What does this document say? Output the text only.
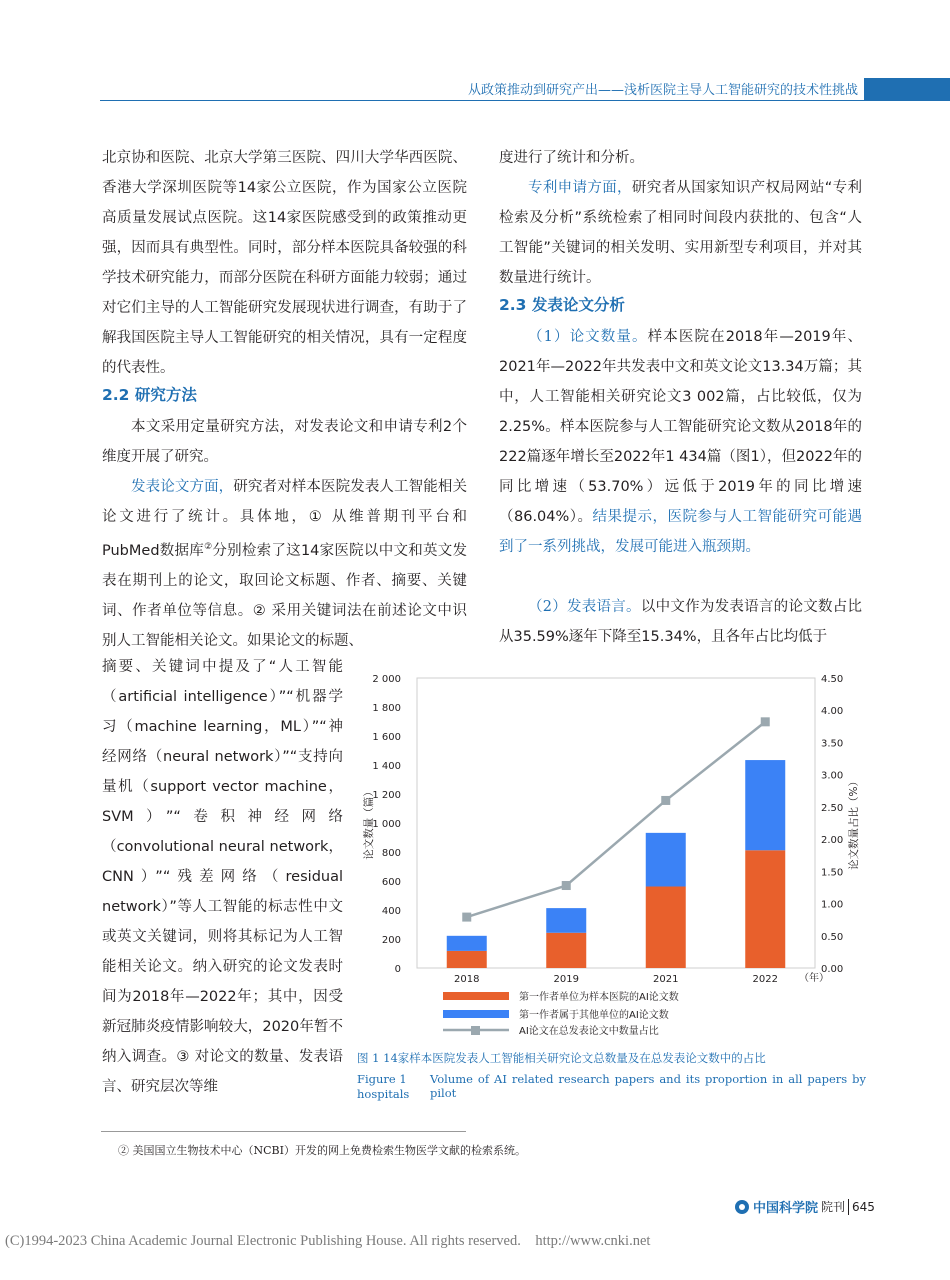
从政策推动到研究产出——浅析医院主导人工智能研究的技术性挑战

北京协和医院、北京大学第三医院、四川大学华西医院、香港大学深圳医院等14家公立医院，作为国家公立医院高质量发展试点医院。这14家医院感受到的政策推动更强，因而具有典型性。同时，部分样本医院具备较强的科学技术研究能力，而部分医院在科研方面能力较弱；通过对它们主导的人工智能研究发展现状进行调查，有助于了解我国医院主导人工智能研究的相关情况，具有一定程度的代表性。

2.2 研究方法

本文采用定量研究方法，对发表论文和申请专利2个维度开展了研究。

发表论文方面，研究者对样本医院发表人工智能相关论文进行了统计。具体地，① 从维普期刊平台和PubMed数据库②分别检索了这14家医院以中文和英文发表在期刊上的论文，取回论文标题、作者、摘要、关键词、作者单位等信息。② 采用关键词法在前述论文中识别人工智能相关论文。如果论文的标题、

摘要、关键词中提及了“人工智能（artificial intelligence）”“机器学习（machine learning，ML）”“神经网络（neural network）”“支持向量机（support vector machine，SVM）”“卷积神经网络（convolutional neural network，CNN）”“残差网络（residual network）”等人工智能的标志性中文或英文关键词，则将其标记为人工智能相关论文。纳入研究的论文发表时间为2018年—2022年；其中，因受新冠肺炎疫情影响较大，2020年暂不纳入调查。③ 对论文的数量、发表语言、研究层次等维

度进行了统计和分析。

专利申请方面，研究者从国家知识产权局网站“专利检索及分析”系统检索了相同时间段内获批的、包含“人工智能”关键词的相关发明、实用新型专利项目，并对其数量进行统计。

2.3 发表论文分析

（1）论文数量。样本医院在2018年—2019年、2021年—2022年共发表中文和英文论文13.34万篇；其中，人工智能相关研究论文3 002篇，占比较低，仅为2.25%。样本医院参与人工智能研究论文数从2018年的222篇逐年增长至2022年1 434篇（图1），但2022年的同比增速（53.70%）远低于2019年的同比增速（86.04%）。结果提示，医院参与人工智能研究可能遇到了一系列挑战，发展可能进入瓶颈期。

（2）发表语言。以中文作为发表语言的论文数占比从35.59%逐年下降至15.34%，且各年占比均低于

0
200
400
600
800
1 000
1 200
1 400
1 600
1 800
2 000
0.00
0.50
1.00
1.50
2.00
2.50
3.00
3.50
4.00
4.50
2018	2019	2021	2022
论文数量（篇）	论文数量占比（%）
（年）
第一作者单位为样本医院的AI论文数
第一作者属于其他单位的AI论文数
AI论文在总发表论文中数量占比
图 1 14家样本医院发表人工智能相关研究论文总数量及在总发表论文数中的占比
Figure 1 Volume of AI related research papers and its proportion in all papers by pilot
hospitals
② 美国国立生物技术中心（NCBI）开发的网上免费检索生物医学文献的检索系统。
中国科学院 院刊 645
(C)1994-2023 China Academic Journal Electronic Publishing House. All rights reserved.    http://www.cnki.net
